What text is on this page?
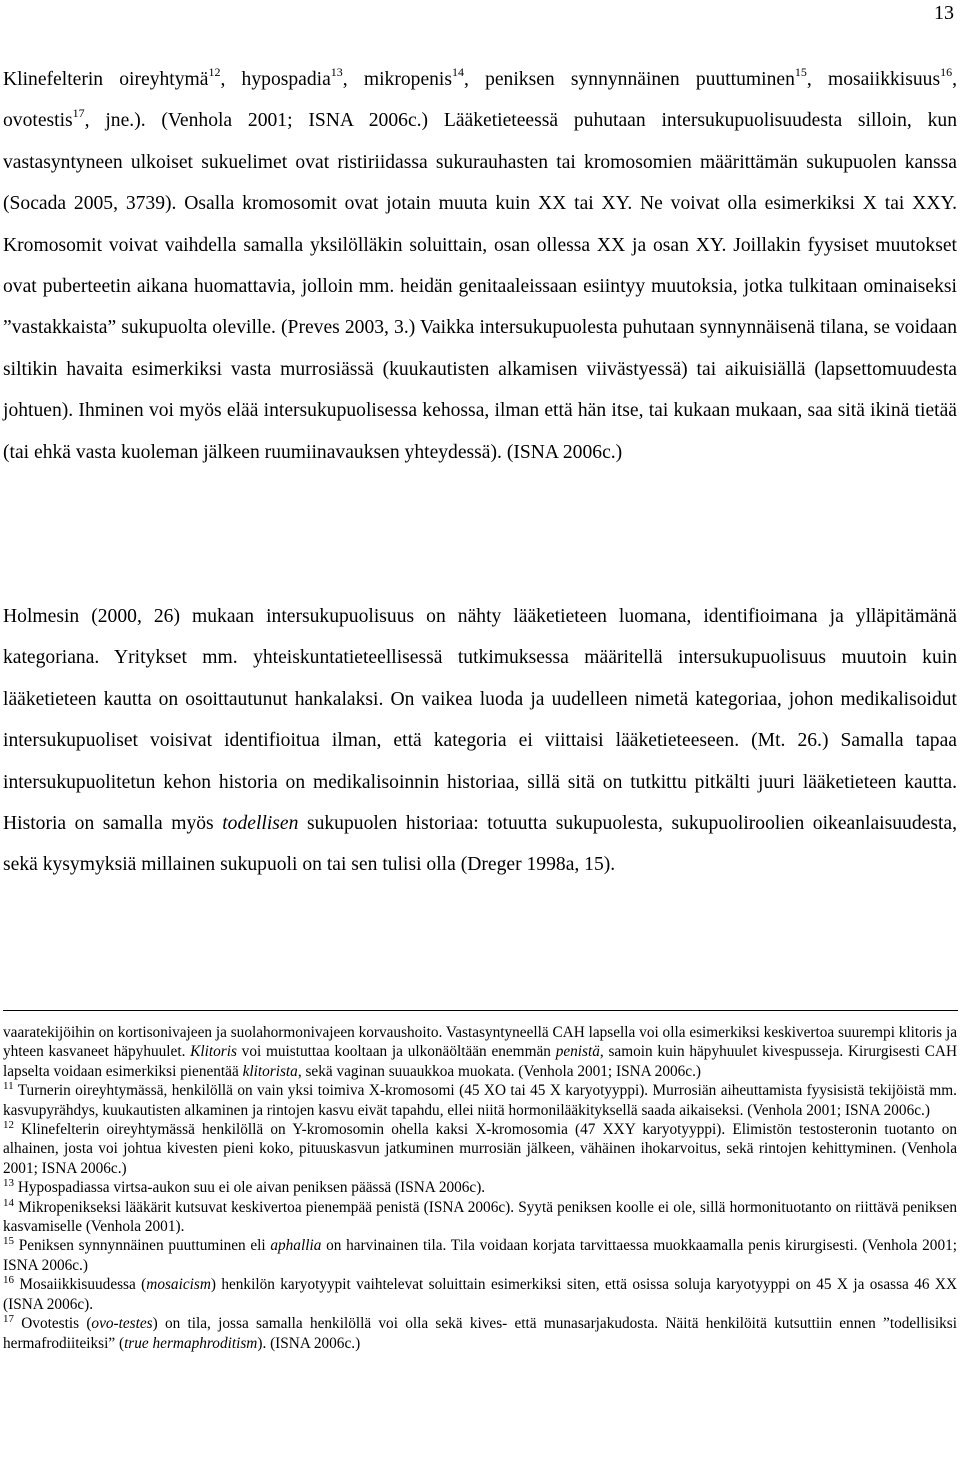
13

Klinefelterin oireyhtymä$^{12}$, hypospadia$^{13}$, mikropenis$^{14}$, peniksen synnynnäinen puuttuminen$^{15}$, mosaiikkisuus$^{16}$, ovotestis$^{17}$, jne.). (Venhola 2001; ISNA 2006c.) Lääketieteessä puhutaan intersukupuolisuudesta silloin, kun vastasyntyneen ulkoiset sukuelimet ovat ristiriidassa sukurauhasten tai kromosomien määrittämän sukupuolen kanssa (Socada 2005, 3739). Osalla kromosomit ovat jotain muuta kuin XX tai XY. Ne voivat olla esimerkiksi X tai XXY. Kromosomit voivat vaihdella samalla yksilölläkin soluittain, osan ollessa XX ja osan XY. Joillakin fyysiset muutokset ovat puberteetin aikana huomattavia, jolloin mm. heidän genitaaleissaan esiintyy muutoksia, jotka tulkitaan ominaiseksi ”vastakkaista” sukupuolta oleville. (Preves 2003, 3.) Vaikka intersukupuolesta puhutaan synnynnäisenä tilana, se voidaan siltikin havaita esimerkiksi vasta murrosiässä (kuukautisten alkamisen viivästyessä) tai aikuisiällä (lapsettomuudesta johtuen). Ihminen voi myös elää intersukupuolisessa kehossa, ilman että hän itse, tai kukaan mukaan, saa sitä ikinä tietää (tai ehkä vasta kuoleman jälkeen ruumiinavauksen yhteydessä). (ISNA 2006c.)

Holmesin (2000, 26) mukaan intersukupuolisuus on nähty lääketieteen luomana, identifioimana ja ylläpitämänä kategoriana. Yritykset mm. yhteiskuntatieteellisessä tutkimuksessa määritellä intersukupuolisuus muutoin kuin lääketieteen kautta on osoittautunut hankalaksi. On vaikea luoda ja uudelleen nimetä kategoriaa, johon medikalisoidut intersukupuoliset voisivat identifioitua ilman, että kategoria ei viittaisi lääketieteeseen. (Mt. 26.) Samalla tapaa intersukupuolitetun kehon historia on medikalisoinnin historiaa, sillä sitä on tutkittu pitkälti juuri lääketieteen kautta. Historia on samalla myös todellisen sukupuolen historiaa: totuutta sukupuolesta, sukupuoliroolien oikeanlaisuudesta, sekä kysymyksiä millainen sukupuoli on tai sen tulisi olla (Dreger 1998a, 15).

vaaratekijöihin on kortisonivajeen ja suolahormonivajeen korvaushoito. Vastasyntyneellä CAH lapsella voi olla esimerkiksi keskivertoa suurempi klitoris ja yhteen kasvaneet häpyhuulet. Klitoris voi muistuttaa kooltaan ja ulkonäöltään enemmän penistä, samoin kuin häpyhuulet kivespusseja. Kirurgisesti CAH lapselta voidaan esimerkiksi pienentää klitorista, sekä vaginan suuaukkoa muokata. (Venhola 2001; ISNA 2006c.)

$^{11}$ Turnerin oireyhtymässä, henkilöllä on vain yksi toimiva X-kromosomi (45 XO tai 45 X karyotyyppi). Murrosiän aiheuttamista fyysisistä tekijöistä mm. kasvupyrähdys, kuukautisten alkaminen ja rintojen kasvu eivät tapahdu, ellei niitä hormonilääkityksellä saada aikaiseksi. (Venhola 2001; ISNA 2006c.)

$^{12}$ Klinefelterin oireyhtymässä henkilöllä on Y-kromosomin ohella kaksi X-kromosomia (47 XXY karyotyyppi). Elimistön testosteronin tuotanto on alhainen, josta voi johtua kivesten pieni koko, pituuskasvun jatkuminen murrosiän jälkeen, vähäinen ihokarvoitus, sekä rintojen kehittyminen. (Venhola 2001; ISNA 2006c.)

$^{13}$ Hypospadiassa virtsa-aukon suu ei ole aivan peniksen päässä (ISNA 2006c).

$^{14}$ Mikropenikseksi lääkärit kutsuvat keskivertoa pienempää penistä (ISNA 2006c). Syytä peniksen koolle ei ole, sillä hormonituotanto on riittävä peniksen kasvamiselle (Venhola 2001).

$^{15}$ Peniksen synnynnäinen puuttuminen eli aphallia on harvinainen tila. Tila voidaan korjata tarvittaessa muokkaamalla penis kirurgisesti. (Venhola 2001; ISNA 2006c.)

$^{16}$ Mosaiikkisuudessa (mosaicism) henkilön karyotyypit vaihtelevat soluittain esimerkiksi siten, että osissa soluja karyotyyppi on 45 X ja osassa 46 XX (ISNA 2006c).

$^{17}$ Ovotestis (ovo-testes) on tila, jossa samalla henkilöllä voi olla sekä kives- että munasarjakudosta. Näitä henkilöitä kutsuttiin ennen ”todellisiksi hermafrodiiteiksi” (true hermaphroditism). (ISNA 2006c.)
